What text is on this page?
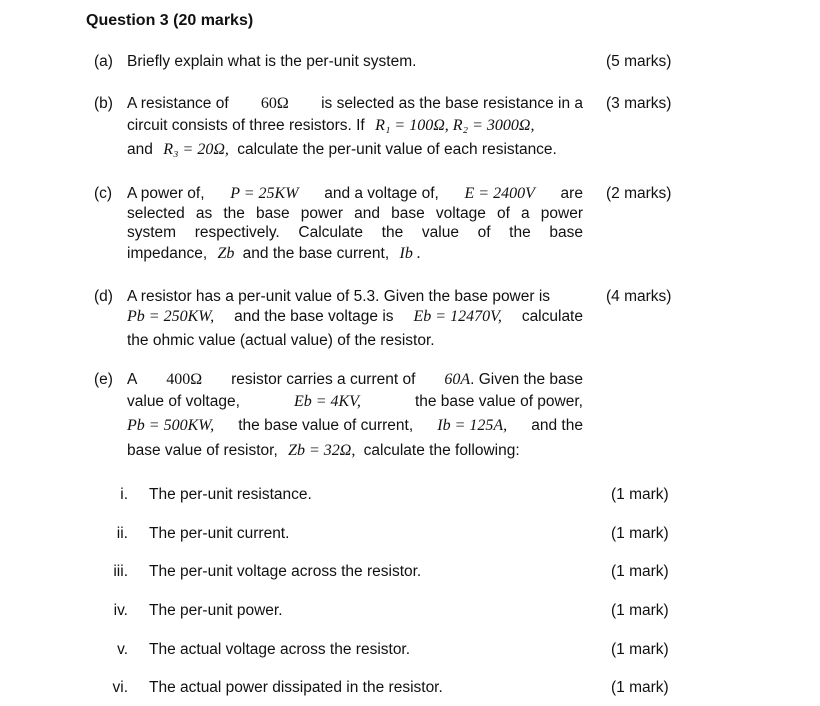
Question 3 (20 marks)
(a) Briefly explain what is the per-unit system.	(5 marks)
(b)	(3 marks)
A resistance of 60Ω is selected as the base resistance in a
circuit consists of three resistors. If R₁ = 100Ω, R₂ = 3000Ω,
and R₃ = 20Ω, calculate the per-unit value of each resistance.
(c)	(2 marks)
A power of, P = 25KW and a voltage of, E = 2400V are
selected as the base power and base voltage of a power
system respectively. Calculate the value of the base
impedance, Zb and the base current, Ib .
(d)	(4 marks)
A resistor has a per-unit value of 5.3. Given the base power is
Pb = 250KW, and the base voltage is Eb = 12470V, calculate
the ohmic value (actual value) of the resistor.
(e) A 400Ω resistor carries a current of 60A. Given the base
value of voltage,	Eb = 4KV,	the base value of power,
Pb = 500KW, the base value of current, Ib = 125A, and the
base value of resistor, Zb = 32Ω, calculate the following:
i. The per-unit resistance.	(1 mark)
ii. The per-unit current.	(1 mark)
iii. The per-unit voltage across the resistor.	(1 mark)
iv. The per-unit power.	(1 mark)
v. The actual voltage across the resistor.	(1 mark)
vi. The actual power dissipated in the resistor.	(1 mark)
